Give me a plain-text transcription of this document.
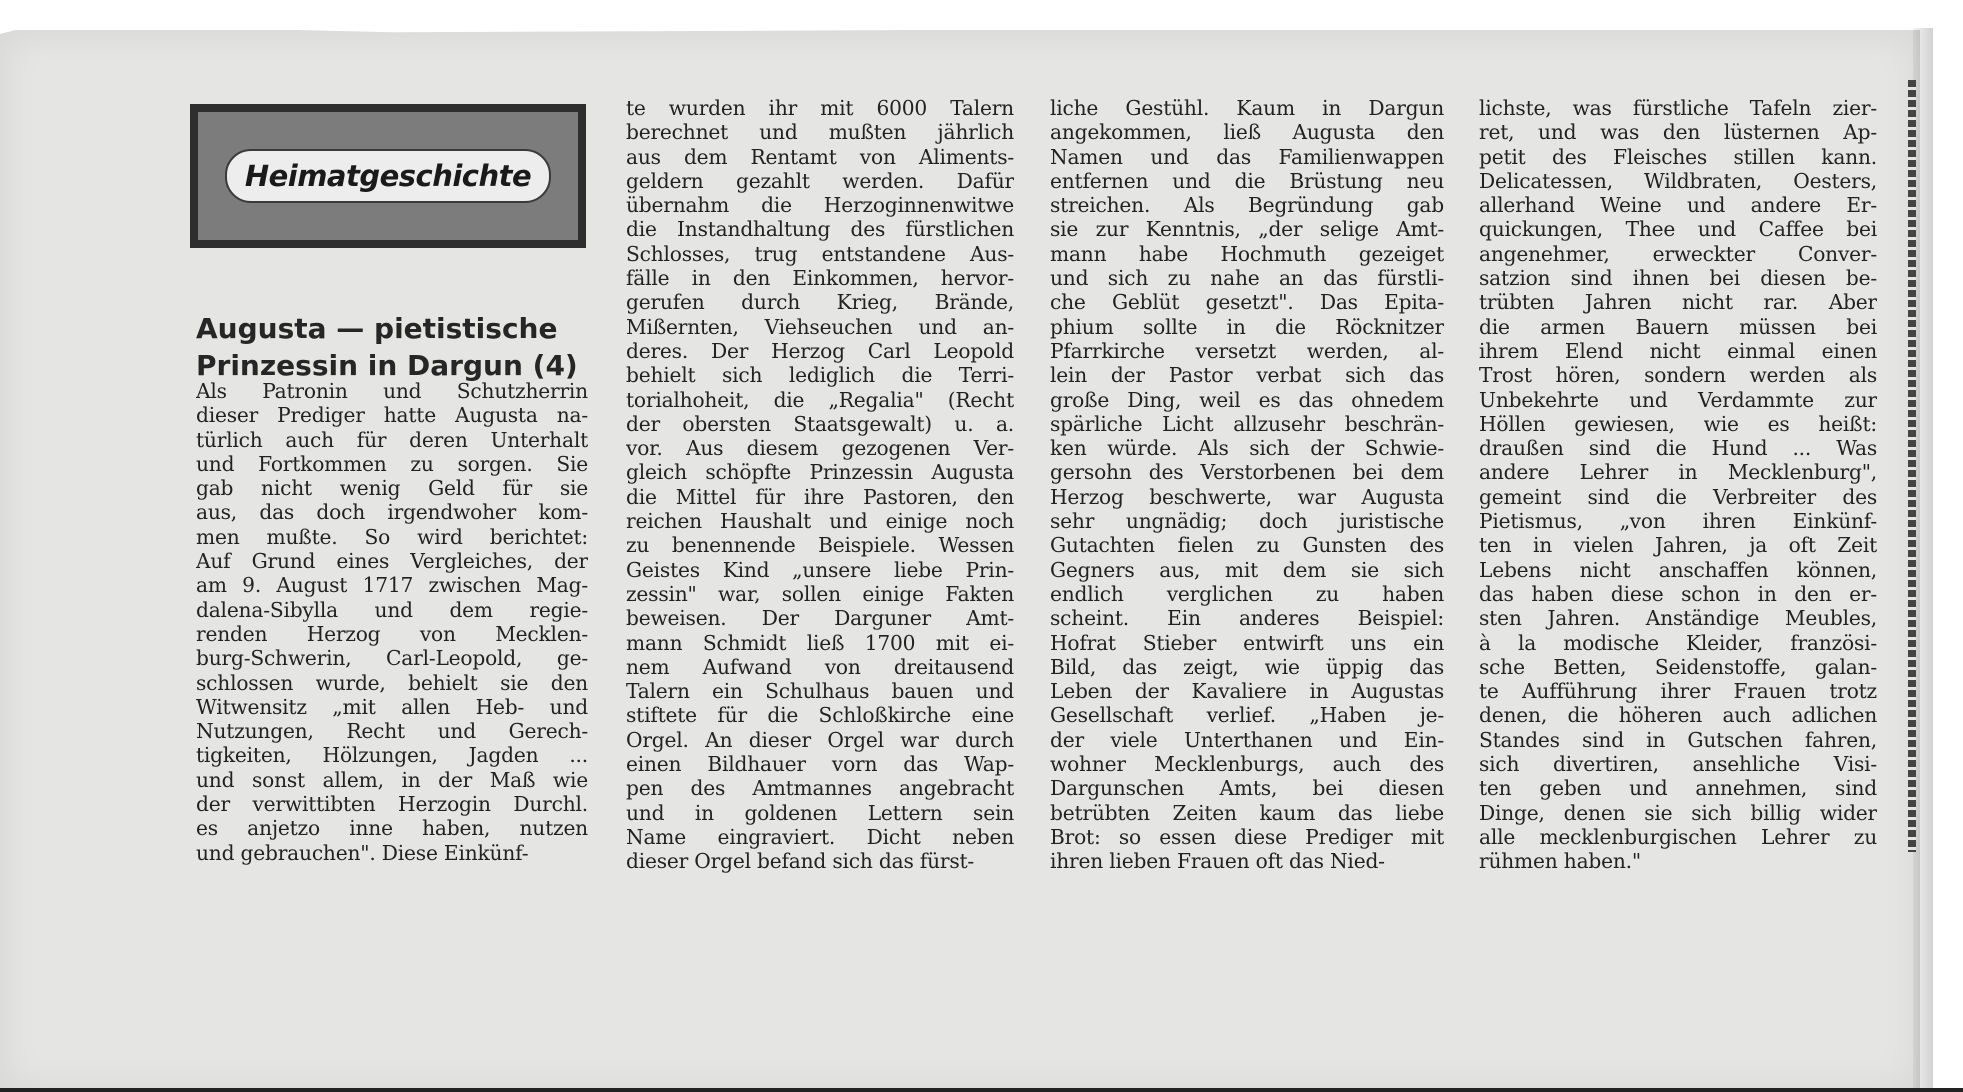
Heimatgeschichte
Augusta — pietistische
Prinzessin in Dargun (4)
Als Patronin und Schutzherrin
dieser Prediger hatte Augusta na-
türlich auch für deren Unterhalt
und Fortkommen zu sorgen. Sie
gab nicht wenig Geld für sie
aus, das doch irgendwoher kom-
men mußte. So wird berichtet:
Auf Grund eines Vergleiches, der
am 9. August 1717 zwischen Mag-
dalena-Sibylla und dem regie-
renden Herzog von Mecklen-
burg-Schwerin, Carl-Leopold, ge-
schlossen wurde, behielt sie den
Witwensitz „mit allen Heb- und
Nutzungen, Recht und Gerech-
tigkeiten, Hölzungen, Jagden ...
und sonst allem, in der Maß wie
der verwittibten Herzogin Durchl.
es anjetzo inne haben, nutzen
und gebrauchen". Diese Einkünf-
te wurden ihr mit 6000 Talern
berechnet und mußten jährlich
aus dem Rentamt von Aliments-
geldern gezahlt werden. Dafür
übernahm die Herzoginnenwitwe
die Instandhaltung des fürstlichen
Schlosses, trug entstandene Aus-
fälle in den Einkommen, hervor-
gerufen durch Krieg, Brände,
Mißernten, Viehseuchen und an-
deres. Der Herzog Carl Leopold
behielt sich lediglich die Terri-
torialhoheit, die „Regalia" (Recht
der obersten Staatsgewalt) u. a.
vor. Aus diesem gezogenen Ver-
gleich schöpfte Prinzessin Augusta
die Mittel für ihre Pastoren, den
reichen Haushalt und einige noch
zu benennende Beispiele. Wessen
Geistes Kind „unsere liebe Prin-
zessin" war, sollen einige Fakten
beweisen. Der Darguner Amt-
mann Schmidt ließ 1700 mit ei-
nem Aufwand von dreitausend
Talern ein Schulhaus bauen und
stiftete für die Schloßkirche eine
Orgel. An dieser Orgel war durch
einen Bildhauer vorn das Wap-
pen des Amtmannes angebracht
und in goldenen Lettern sein
Name eingraviert. Dicht neben
dieser Orgel befand sich das fürst-
liche Gestühl. Kaum in Dargun
angekommen, ließ Augusta den
Namen und das Familienwappen
entfernen und die Brüstung neu
streichen. Als Begründung gab
sie zur Kenntnis, „der selige Amt-
mann habe Hochmuth gezeiget
und sich zu nahe an das fürstli-
che Geblüt gesetzt". Das Epita-
phium sollte in die Röcknitzer
Pfarrkirche versetzt werden, al-
lein der Pastor verbat sich das
große Ding, weil es das ohnedem
spärliche Licht allzusehr beschrän-
ken würde. Als sich der Schwie-
gersohn des Verstorbenen bei dem
Herzog beschwerte, war Augusta
sehr ungnädig; doch juristische
Gutachten fielen zu Gunsten des
Gegners aus, mit dem sie sich
endlich verglichen zu haben
scheint. Ein anderes Beispiel:
Hofrat Stieber entwirft uns ein
Bild, das zeigt, wie üppig das
Leben der Kavaliere in Augustas
Gesellschaft verlief. „Haben je-
der viele Unterthanen und Ein-
wohner Mecklenburgs, auch des
Dargunschen Amts, bei diesen
betrübten Zeiten kaum das liebe
Brot: so essen diese Prediger mit
ihren lieben Frauen oft das Nied-
lichste, was fürstliche Tafeln zier-
ret, und was den lüsternen Ap-
petit des Fleisches stillen kann.
Delicatessen, Wildbraten, Oesters,
allerhand Weine und andere Er-
quickungen, Thee und Caffee bei
angenehmer, erweckter Conver-
satzion sind ihnen bei diesen be-
trübten Jahren nicht rar. Aber
die armen Bauern müssen bei
ihrem Elend nicht einmal einen
Trost hören, sondern werden als
Unbekehrte und Verdammte zur
Höllen gewiesen, wie es heißt:
draußen sind die Hund ... Was
andere Lehrer in Mecklenburg",
gemeint sind die Verbreiter des
Pietismus, „von ihren Einkünf-
ten in vielen Jahren, ja oft Zeit
Lebens nicht anschaffen können,
das haben diese schon in den er-
sten Jahren. Anständige Meubles,
à la modische Kleider, französi-
sche Betten, Seidenstoffe, galan-
te Aufführung ihrer Frauen trotz
denen, die höheren auch adlichen
Standes sind in Gutschen fahren,
sich divertiren, ansehliche Visi-
ten geben und annehmen, sind
Dinge, denen sie sich billig wider
alle mecklenburgischen Lehrer zu
rühmen haben."
